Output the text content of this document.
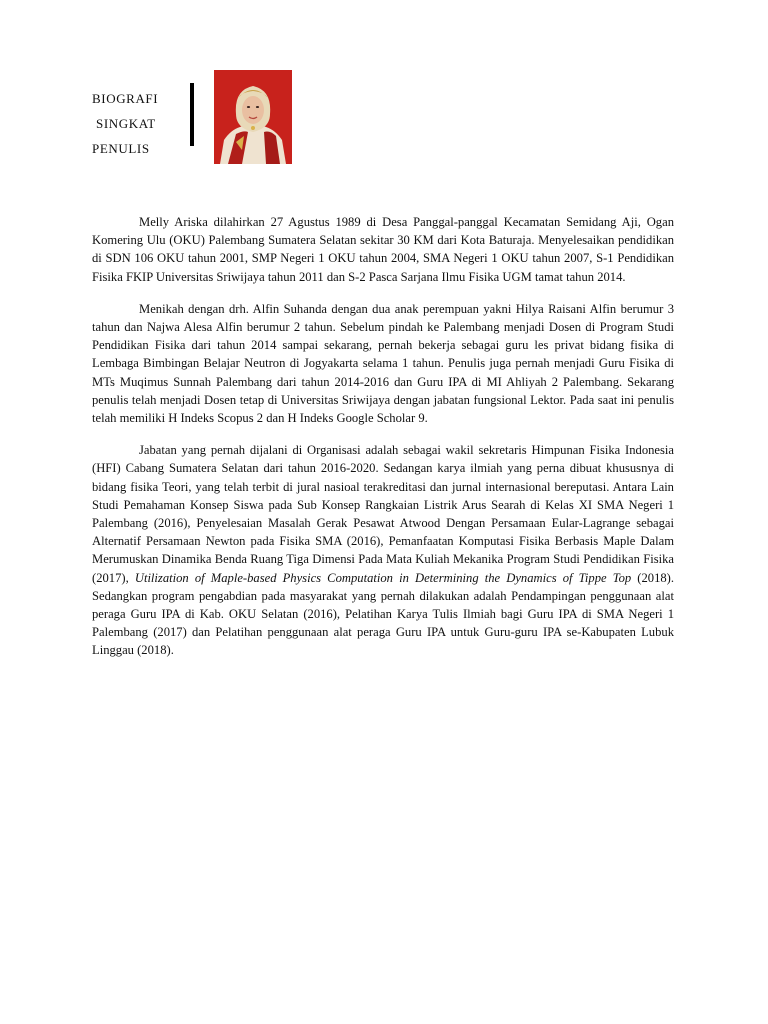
BIOGRAFI
SINGKAT
PENULIS

Melly Ariska dilahirkan 27 Agustus 1989 di Desa Panggal-panggal Kecamatan Semidang Aji, Ogan Komering Ulu (OKU) Palembang Sumatera Selatan sekitar 30 KM dari Kota Baturaja. Menyelesaikan pendidikan di SDN 106 OKU tahun 2001, SMP Negeri 1 OKU tahun 2004, SMA Negeri 1 OKU tahun 2007, S-1 Pendidikan Fisika FKIP Universitas Sriwijaya tahun 2011 dan S-2 Pasca Sarjana Ilmu Fisika UGM tamat tahun 2014.

Menikah dengan drh. Alfin Suhanda dengan dua anak perempuan yakni Hilya Raisani Alfin berumur 3 tahun dan Najwa Alesa Alfin berumur 2 tahun. Sebelum pindah ke Palembang menjadi Dosen di Program Studi Pendidikan Fisika dari tahun 2014 sampai sekarang, pernah bekerja sebagai guru les privat bidang fisika di Lembaga Bimbingan Belajar Neutron di Jogyakarta selama 1 tahun. Penulis juga pernah menjadi Guru Fisika di MTs Muqimus Sunnah Palembang dari tahun 2014-2016 dan Guru IPA di MI Ahliyah 2 Palembang. Sekarang penulis telah menjadi Dosen tetap di Universitas Sriwijaya dengan jabatan fungsional Lektor. Pada saat ini penulis telah memiliki H Indeks Scopus 2 dan H Indeks Google Scholar 9.

Jabatan yang pernah dijalani di Organisasi adalah sebagai wakil sekretaris Himpunan Fisika Indonesia (HFI) Cabang Sumatera Selatan dari tahun 2016-2020. Sedangan karya ilmiah yang perna dibuat khususnya di bidang fisika Teori, yang telah terbit di jural nasioal terakreditasi dan jurnal internasional bereputasi. Antara Lain Studi Pemahaman Konsep Siswa pada Sub Konsep Rangkaian Listrik Arus Searah di Kelas XI SMA Negeri 1 Palembang (2016), Penyelesaian Masalah Gerak Pesawat Atwood Dengan Persamaan Eular-Lagrange sebagai Alternatif Persamaan Newton pada Fisika SMA (2016), Pemanfaatan Komputasi Fisika Berbasis Maple Dalam Merumuskan Dinamika Benda Ruang Tiga Dimensi Pada Mata Kuliah Mekanika Program Studi Pendidikan Fisika (2017), Utilization of Maple-based Physics Computation in Determining the Dynamics of Tippe Top (2018). Sedangkan program pengabdian pada masyarakat yang pernah dilakukan adalah Pendampingan penggunaan alat peraga Guru IPA di Kab. OKU Selatan (2016), Pelatihan Karya Tulis Ilmiah bagi Guru IPA di SMA Negeri 1 Palembang (2017) dan Pelatihan penggunaan alat peraga Guru IPA untuk Guru-guru IPA se-Kabupaten Lubuk Linggau (2018).
